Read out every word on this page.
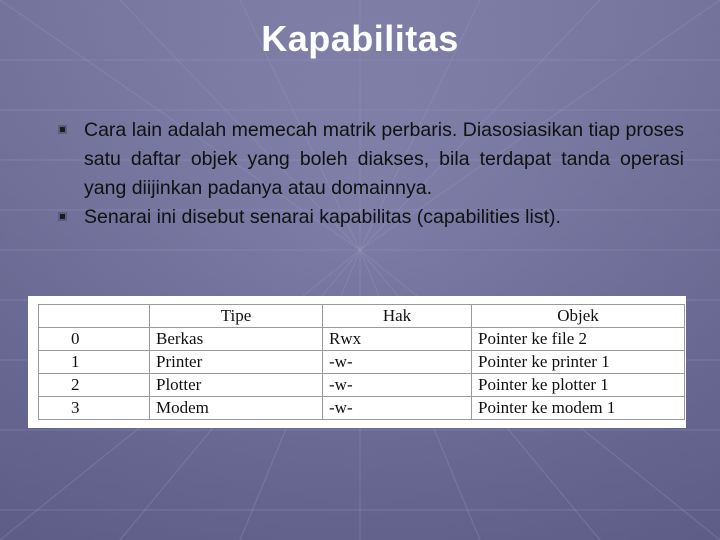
Kapabilitas
Cara lain adalah memecah matrik perbaris. Diasosiasikan tiap proses satu daftar objek yang boleh diakses, bila terdapat tanda operasi yang diijinkan padanya atau domainnya.
Senarai ini disebut senarai kapabilitas (capabilities list).
	Tipe	Hak	Objek
0	Berkas	Rwx	Pointer ke file 2
1	Printer	-w-	Pointer ke printer 1
2	Plotter	-w-	Pointer ke plotter 1
3	Modem	-w-	Pointer ke modem 1
